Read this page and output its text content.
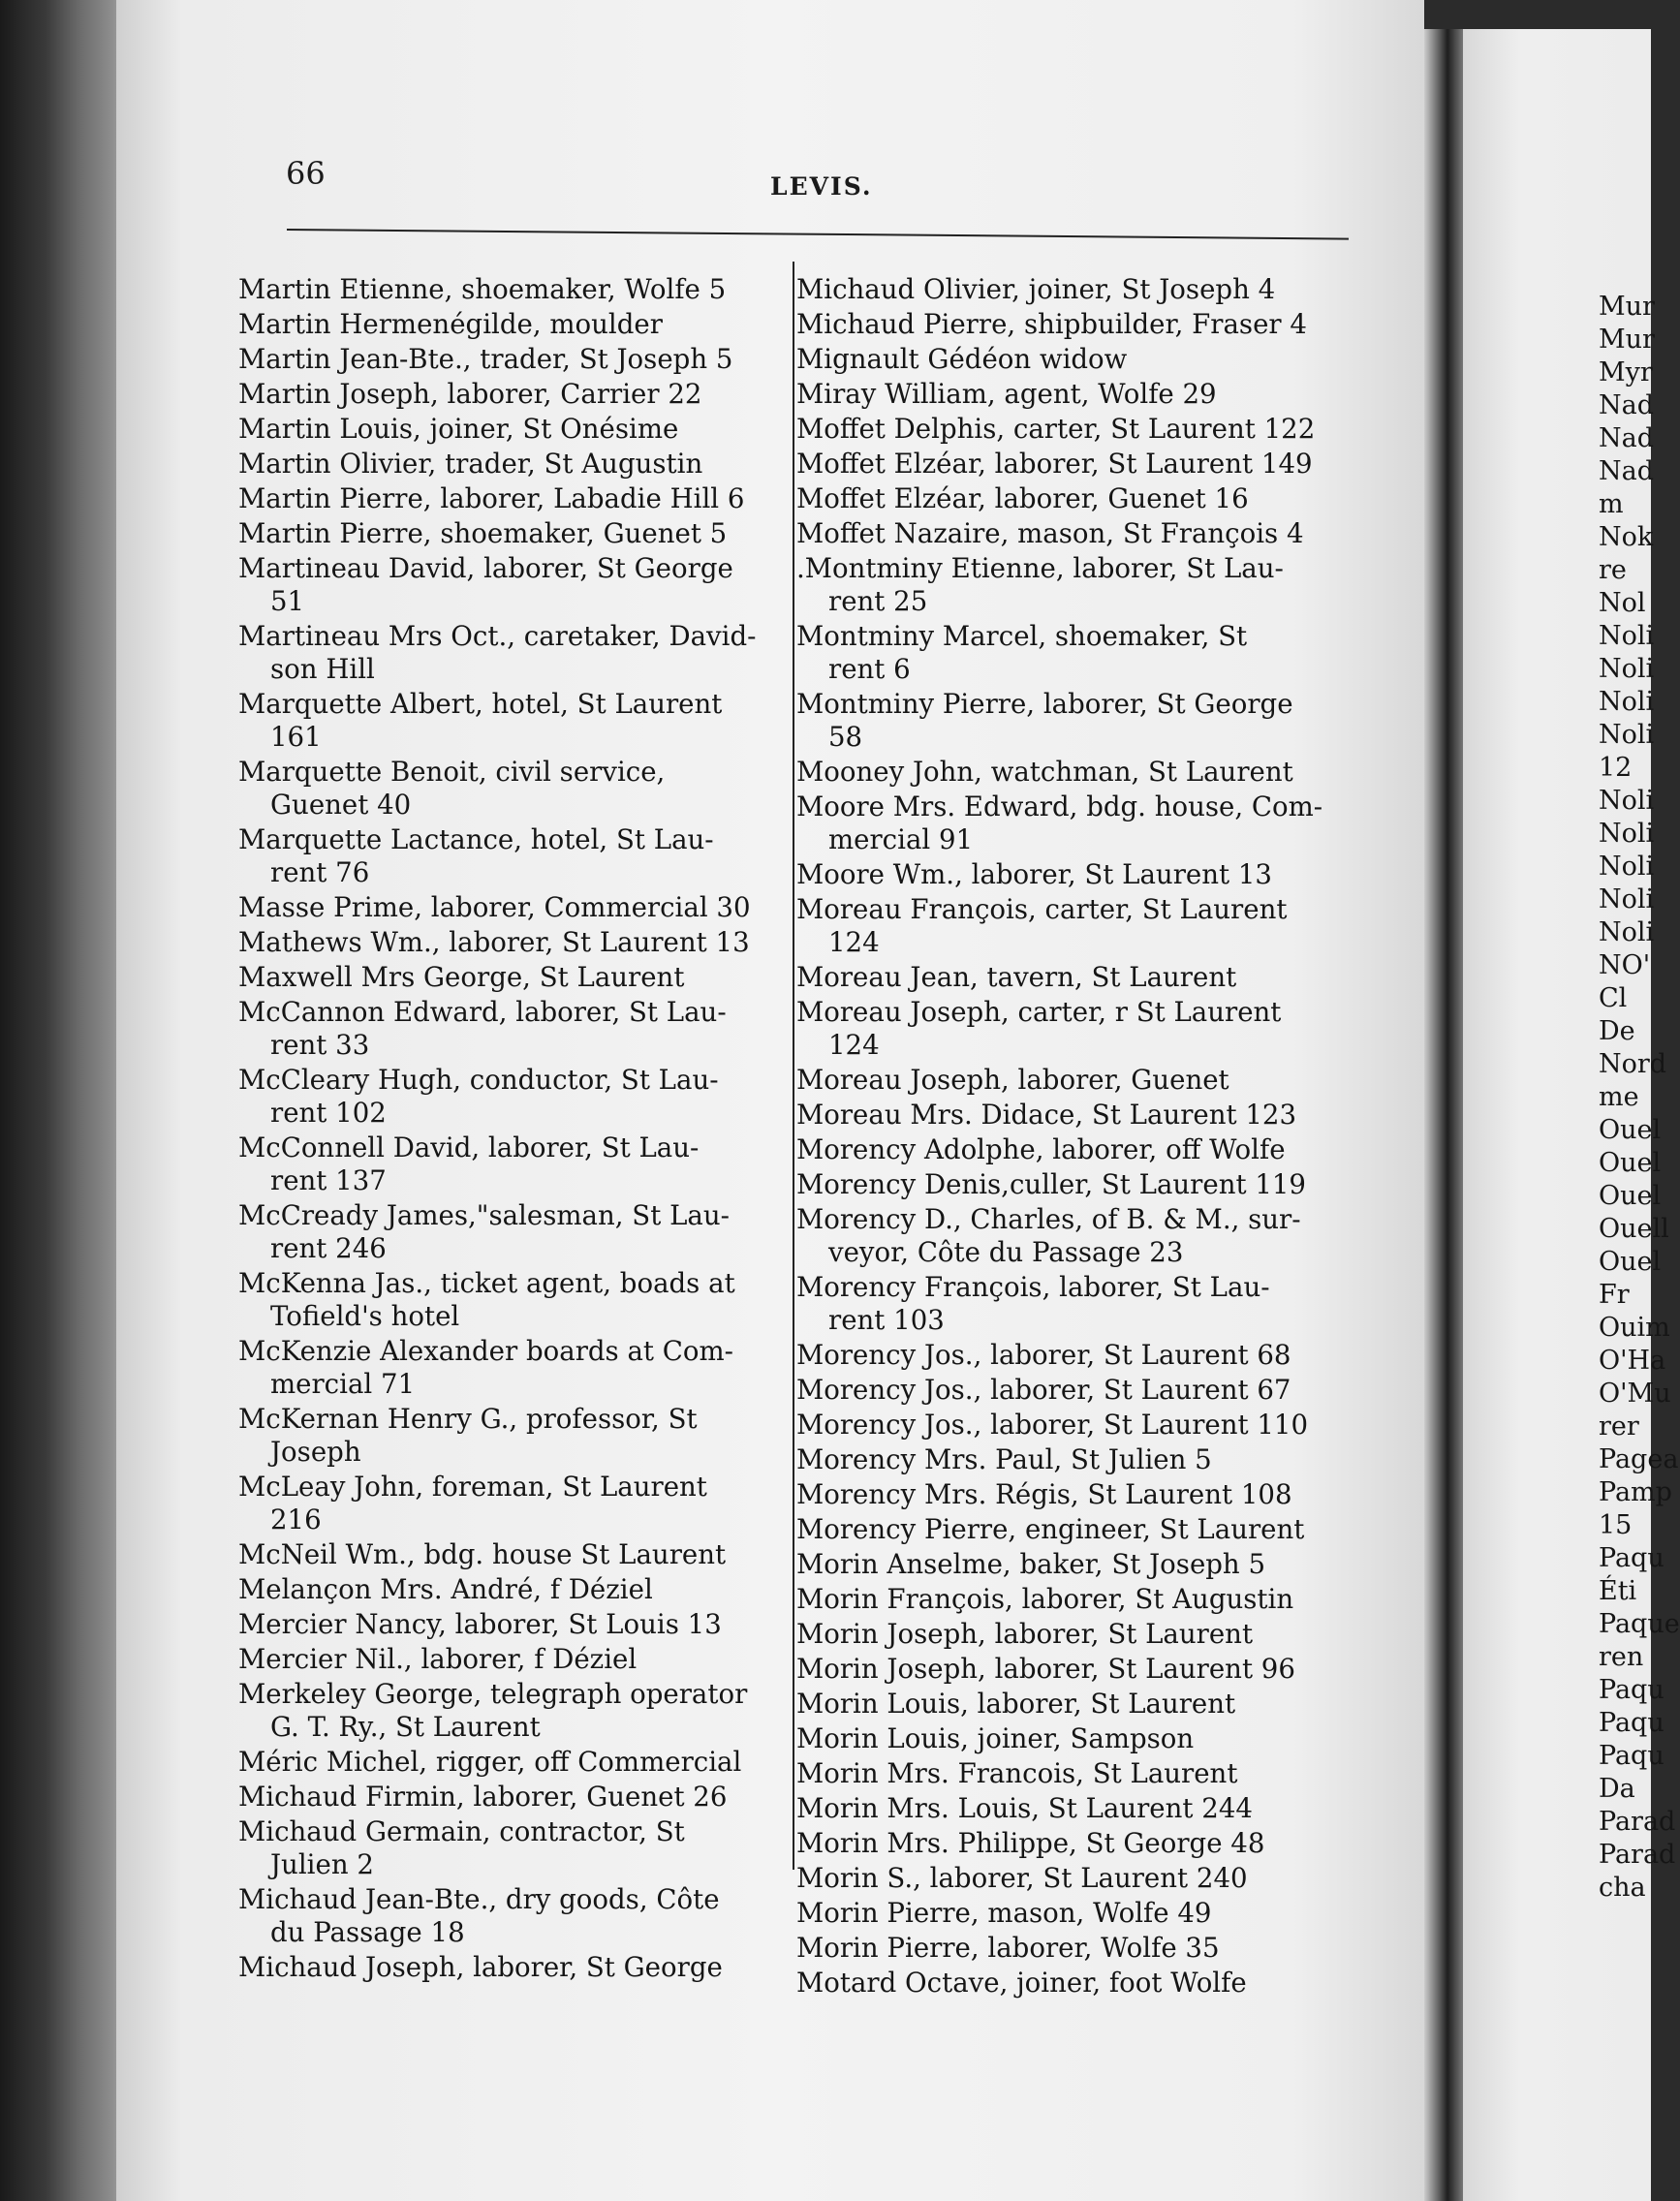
66	LEVIS.
Martin Etienne, shoemaker, Wolfe 5
Martin Hermenégilde, moulder
Martin Jean-Bte., trader, St Joseph 5
Martin Joseph, laborer, Carrier 22
Martin Louis, joiner, St Onésime
Martin Olivier, trader, St Augustin
Martin Pierre, laborer, Labadie Hill 6
Martin Pierre, shoemaker, Guenet 5
Martineau David, laborer, St George
51
Martineau Mrs Oct., caretaker, David-
son Hill
Marquette Albert, hotel, St Laurent
161
Marquette Benoit, civil service,
Guenet 40
Marquette Lactance, hotel, St Lau-
rent 76
Masse Prime, laborer, Commercial 30
Mathews Wm., laborer, St Laurent 13
Maxwell Mrs George, St Laurent
McCannon Edward, laborer, St Lau-
rent 33
McCleary Hugh, conductor, St Lau-
rent 102
McConnell David, laborer, St Lau-
rent 137
McCready James,"salesman, St Lau-
rent 246
McKenna Jas., ticket agent, boads at
Tofield's hotel
McKenzie Alexander boards at Com-
mercial 71
McKernan Henry G., professor, St
Joseph
McLeay John, foreman, St Laurent
216
McNeil Wm., bdg. house St Laurent
Melançon Mrs. André, f Déziel
Mercier Nancy, laborer, St Louis 13
Mercier Nil., laborer, f Déziel
Merkeley George, telegraph operator
G. T. Ry., St Laurent
Méric Michel, rigger, off Commercial
Michaud Firmin, laborer, Guenet 26
Michaud Germain, contractor, St
Julien 2
Michaud Jean-Bte., dry goods, Côte
du Passage 18
Michaud Joseph, laborer, St George
Michaud Olivier, joiner, St Joseph 4
Michaud Pierre, shipbuilder, Fraser 4
Mignault Gédéon widow
Miray William, agent, Wolfe 29
Moffet Delphis, carter, St Laurent 122
Moffet Elzéar, laborer, St Laurent 149
Moffet Elzéar, laborer, Guenet 16
Moffet Nazaire, mason, St François 4
.Montminy Etienne, laborer, St Lau-
rent 25
Montminy Marcel, shoemaker, St
rent 6
Montminy Pierre, laborer, St George
58
Mooney John, watchman, St Laurent
Moore Mrs. Edward, bdg. house, Com-
mercial 91
Moore Wm., laborer, St Laurent 13
Moreau François, carter, St Laurent
124
Moreau Jean, tavern, St Laurent
Moreau Joseph, carter, r St Laurent
124
Moreau Joseph, laborer, Guenet
Moreau Mrs. Didace, St Laurent 123
Morency Adolphe, laborer, off Wolfe
Morency Denis,culler, St Laurent 119
Morency D., Charles, of B. & M., sur-
veyor, Côte du Passage 23
Morency François, laborer, St Lau-
rent 103
Morency Jos., laborer, St Laurent 68
Morency Jos., laborer, St Laurent 67
Morency Jos., laborer, St Laurent 110
Morency Mrs. Paul, St Julien 5
Morency Mrs. Régis, St Laurent 108
Morency Pierre, engineer, St Laurent
Morin Anselme, baker, St Joseph 5
Morin François, laborer, St Augustin
Morin Joseph, laborer, St Laurent
Morin Joseph, laborer, St Laurent 96
Morin Louis, laborer, St Laurent
Morin Louis, joiner, Sampson
Morin Mrs. Francois, St Laurent
Morin Mrs. Louis, St Laurent 244
Morin Mrs. Philippe, St George 48
Morin S., laborer, St Laurent 240
Morin Pierre, mason, Wolfe 49
Morin Pierre, laborer, Wolfe 35
Motard Octave, joiner, foot Wolfe
Mur
Mur
Myr
Nad
Nad
Nad
m
Nok
re
Nol
Noli
Noli
Noli
Noli
12
Noli
Noli
Noli
Noli
Noli
NO'
Cl
De
Nord
me
Ouel
Ouel
Ouel
Ouell
Ouel
Fr
Ouim
O'Ha
O'Mu
rer
Pagea
Pamp
15
Paqu
Éti
Paque
ren
Paqu
Paqu
Paqu
Da
Parad
Parad
cha
